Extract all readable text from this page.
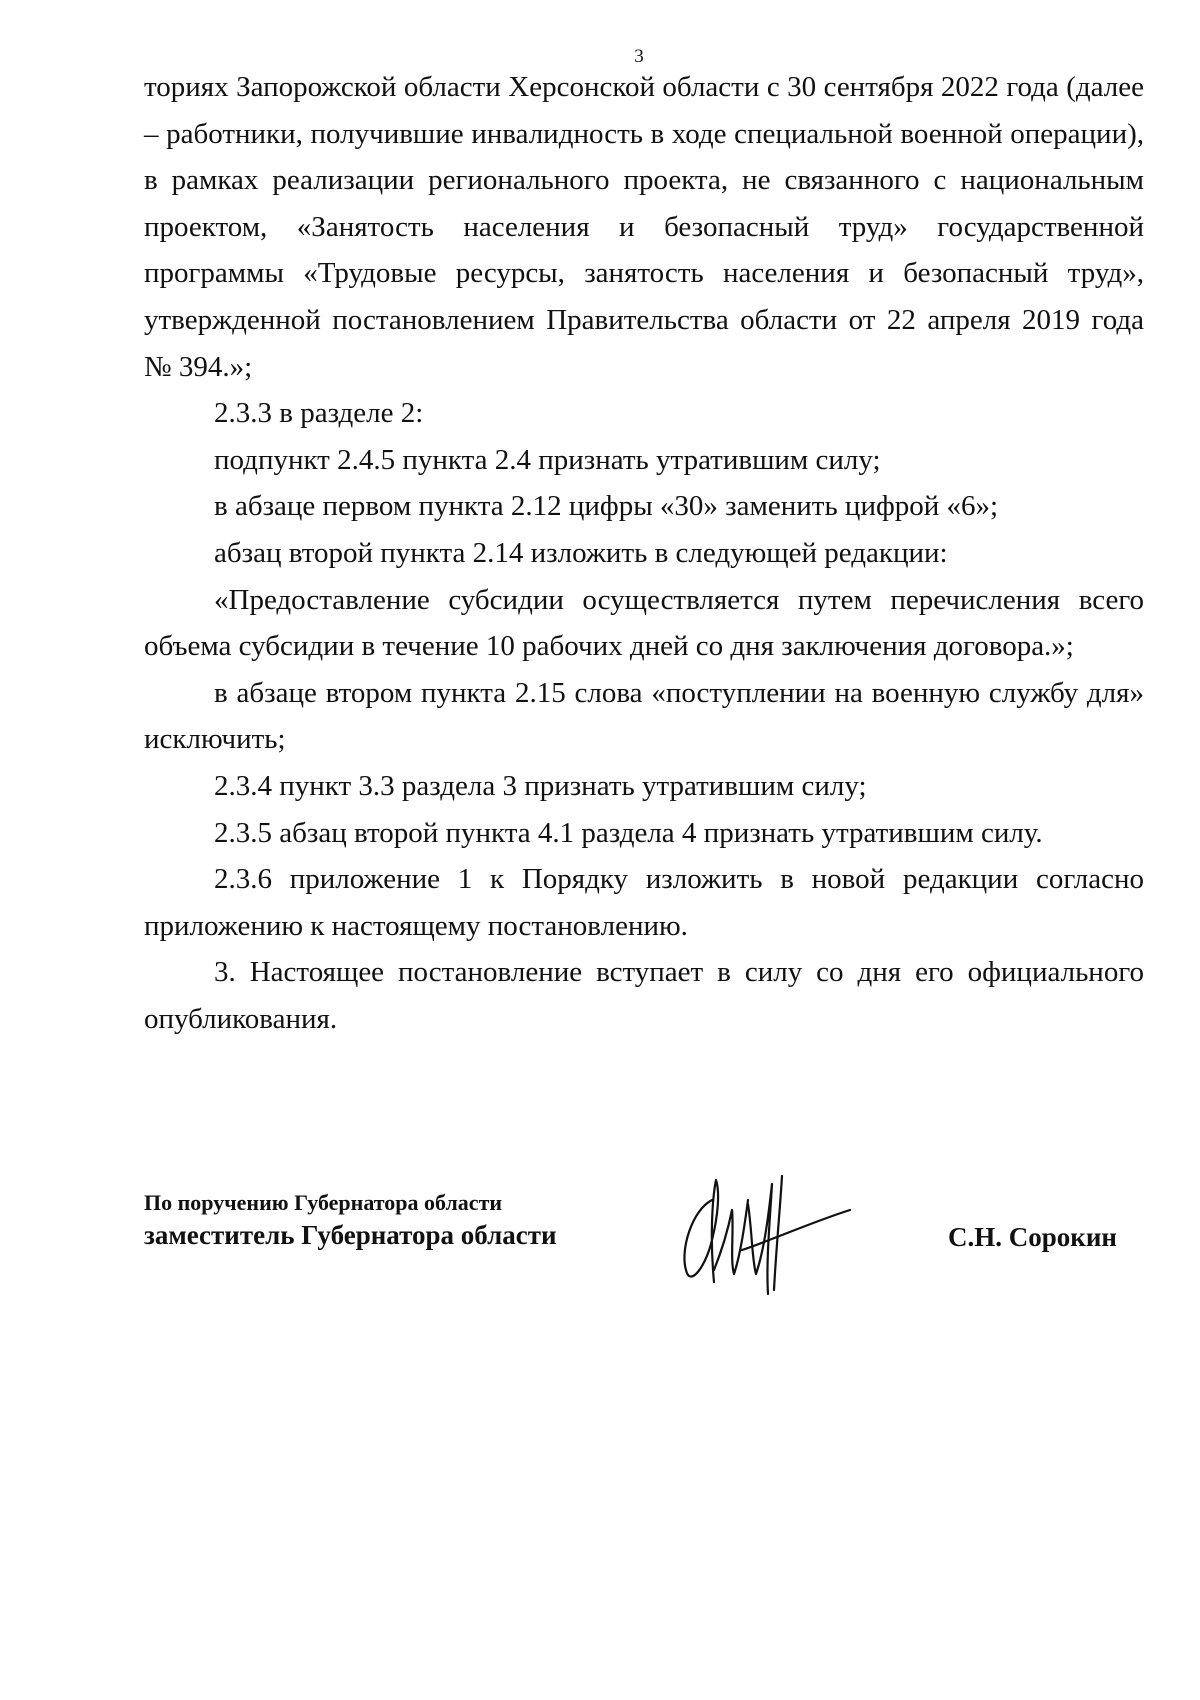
3

ториях Запорожской области Херсонской области с 30 сентября 2022 года (далее – работники, получившие инвалидность в ходе специальной военной операции), в рамках реализации регионального проекта, не связанного с национальным проектом, «Занятость населения и безопасный труд» государственной программы «Трудовые ресурсы, занятость населения и безопасный труд», утвержденной постановлением Правительства области от 22 апреля 2019 года № 394.»;

2.3.3 в разделе 2:

подпункт 2.4.5 пункта 2.4 признать утратившим силу;

в абзаце первом пункта 2.12 цифры «30» заменить цифрой «6»;

абзац второй пункта 2.14 изложить в следующей редакции:

«Предоставление субсидии осуществляется путем перечисления всего объема субсидии в течение 10 рабочих дней со дня заключения договора.»;

в абзаце втором пункта 2.15 слова «поступлении на военную службу для» исключить;

2.3.4 пункт 3.3 раздела 3 признать утратившим силу;

2.3.5 абзац второй пункта 4.1 раздела 4 признать утратившим силу.

2.3.6 приложение 1 к Порядку изложить в новой редакции согласно приложению к настоящему постановлению.

3. Настоящее постановление вступает в силу со дня его официального опубликования.

По поручению Губернатора области
заместитель Губернатора области	С.Н. Сорокин
